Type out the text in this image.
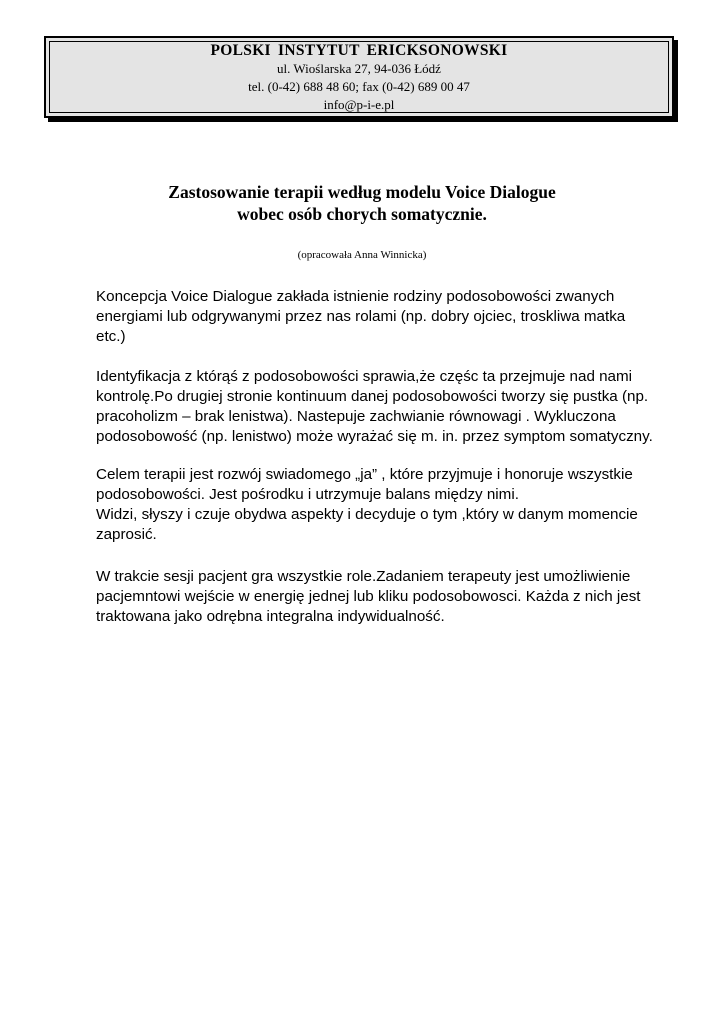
POLSKI INSTYTUT ERICKSONOWSKI
ul. Wioślarska 27, 94-036 Łódź
tel. (0-42) 688 48 60; fax (0-42) 689 00 47
info@p-i-e.pl
Zastosowanie terapii według modelu Voice Dialogue
wobec osób chorych somatycznie.
(opracowała Anna Winnicka)
Koncepcja Voice Dialogue zakłada istnienie rodziny podosobowości zwanych
energiami lub odgrywanymi przez nas rolami (np. dobry ojciec, troskliwa matka
etc.)
Identyfikacja z którąś z podosobowości sprawia,że częśc ta przejmuje nad nami
kontrolę.Po drugiej stronie kontinuum danej podosobowości tworzy się pustka (np.
pracoholizm – brak lenistwa). Nastepuje zachwianie równowagi . Wykluczona
podosobowość (np. lenistwo) może wyrażać się m. in. przez symptom somatyczny.
Celem terapii jest rozwój swiadomego „ja” , które przyjmuje i honoruje wszystkie
podosobowości. Jest pośrodku i utrzymuje balans między nimi.
Widzi, słyszy i czuje obydwa aspekty i decyduje o tym ,który w danym momencie
zaprosić.
W trakcie sesji pacjent gra wszystkie role.Zadaniem terapeuty jest umożliwienie
pacjemntowi wejście w energię jednej lub kliku podosobowosci. Każda z nich jest
traktowana jako odrębna integralna indywidualność.
